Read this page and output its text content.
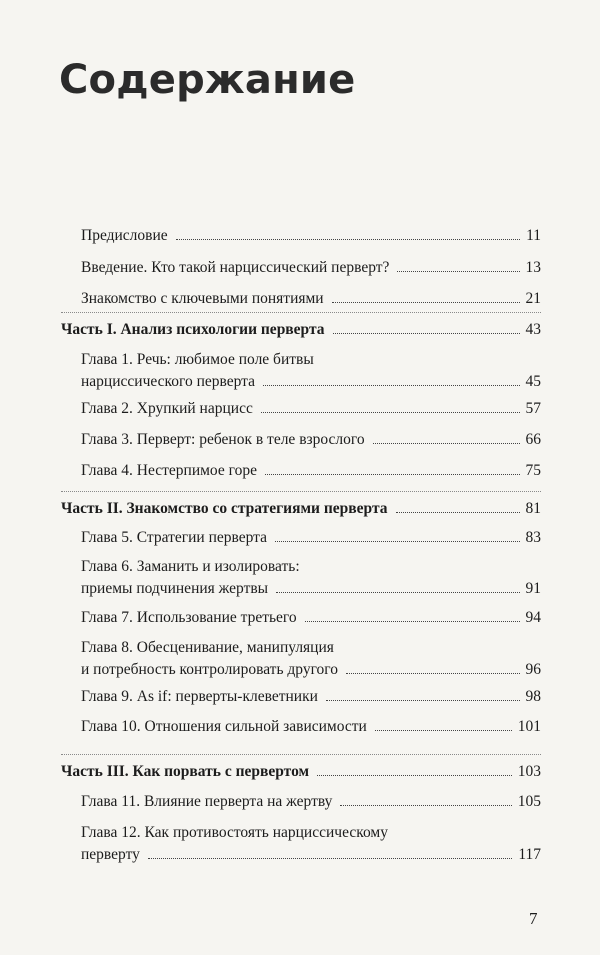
Содержание
Предисловие	11
Введение. Кто такой нарциссический перверт?	13
Знакомство с ключевыми понятиями	21
Часть I. Анализ психологии перверта	43
Глава 1. Речь: любимое поле битвы
нарциссического перверта	45
Глава 2. Хрупкий нарцисс	57
Глава 3. Перверт: ребенок в теле взрослого	66
Глава 4. Нестерпимое горе	75
Часть II. Знакомство со стратегиями перверта	81
Глава 5. Стратегии перверта	83
Глава 6. Заманить и изолировать:
приемы подчинения жертвы	91
Глава 7. Использование третьего	94
Глава 8. Обесценивание, манипуляция
и потребность контролировать другого	96
Глава 9. As if: перверты-клеветники	98
Глава 10. Отношения сильной зависимости	101
Часть III. Как порвать с первертом	103
Глава 11. Влияние перверта на жертву	105
Глава 12. Как противостоять нарциссическому
перверту	117
7
